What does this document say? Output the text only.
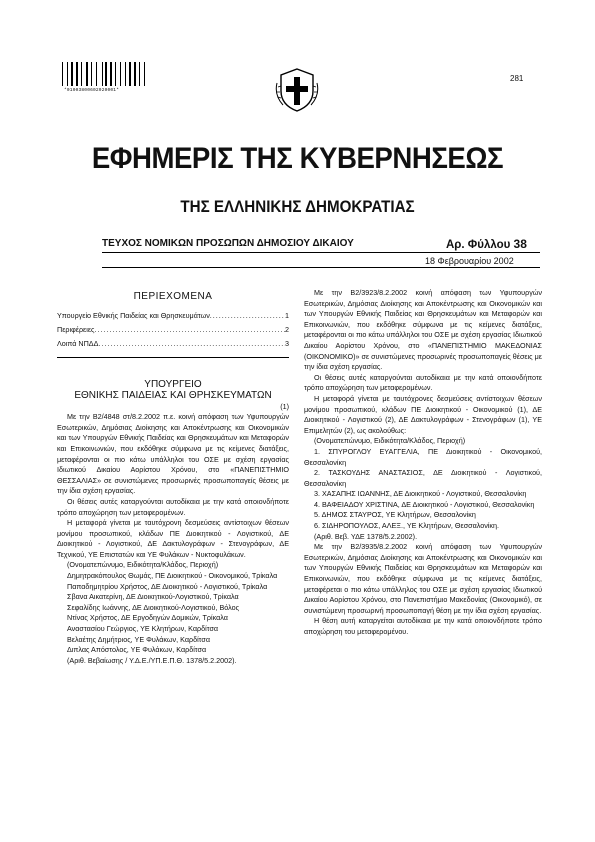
*01003800602020001*
281
ΕΦΗΜΕΡΙΣ ΤΗΣ ΚΥΒΕΡΝΗΣΕΩΣ
ΤΗΣ ΕΛΛΗΝΙΚΗΣ ΔΗΜΟΚΡΑΤΙΑΣ
ΤΕΥΧΟΣ ΝΟΜΙΚΩΝ ΠΡΟΣΩΠΩΝ ΔΗΜΟΣΙΟΥ ΔΙΚΑΙΟΥ	Αρ. Φύλλου 38
18 Φεβρουαρίου 2002
ΠΕΡΙΕΧΟΜΕΝΑ
Υπουργείο Εθνικής Παιδείας και Θρησκευμάτων .....	1
Περιφέρειες .....	2
Λοιπά ΝΠΔΔ .....	3

ΥΠΟΥΡΓΕΙΟ

ΕΘΝΙΚΗΣ ΠΑΙΔΕΙΑΣ ΚΑΙ ΘΡΗΣΚΕΥΜΑΤΩΝ

(1)

Με την Β2/4848 στ/8.2.2002 π.ε. κοινή απόφαση των Υφυπουργών Εσωτερικών, Δημόσιας Διοίκησης και Αποκέντρωσης και Οικονομικών και των Υπουργών Εθνικής Παιδείας και Θρησκευμάτων και Μεταφορών και Επικοινωνιών, που εκδόθηκε σύμφωνα με τις κείμενες διατάξεις, μεταφέρονται οι πιο κάτω υπάλληλοι του ΟΣΕ με σχέση εργασίας Ιδιωτικού Δικαίου Αορίστου Χρόνου, στο «ΠΑΝΕΠΙΣΤΗΜΙΟ ΘΕΣΣΑΛΙΑΣ» σε συνιστώμενες προσωρινές προσωποπαγείς θέσεις με την ίδια σχέση εργασίας.

Οι θέσεις αυτές καταργούνται αυτοδίκαια με την κατά οποιονδήποτε τρόπο αποχώρηση των μεταφερομένων.

Η μεταφορά γίνεται με ταυτόχρονη δεσμεύσεις αντίστοιχων θέσεων μονίμου προσωπικού, κλάδων ΠΕ Διοικητικού - Λογιστικού, ΔΕ Διοικητικού - Λογιστικού, ΔΕ Δακτυλογράφων - Στενογράφων, ΔΕ Τεχνικού, ΥΕ Επιστατών και ΥΕ Φυλάκων - Νυκτοφυλάκων.

(Ονοματεπώνυμο, Ειδικότητα/Κλάδος, Περιοχή)

Δημητρακόπουλος Θωμάς, ΠΕ Διοικητικού - Οικονομικού, Τρίκαλα

Παπαδημητρίου Χρήστος, ΔΕ Διοικητικού - Λογιστικού, Τρίκαλα

Σβανα Αικατερίνη, ΔΕ Διοικητικού-Λογιστικού, Τρίκαλα

Σεφαλίδης Ιωάννης, ΔΕ Διοικητικού-Λογιστικού, Βόλος

Ντίνας Χρήστος, ΔΕ Εργοδηγών Δομικών, Τρίκαλα

Αναστασίου Γεώργιος, ΥΕ Κλητήρων, Καρδίτσα

Βελαέτης Δημήτριος, ΥΕ Φυλάκων, Καρδίτσα

Διπλας Απόστολος, ΥΕ Φυλάκων, Καρδίτσα

(Αριθ. Βεβαίωσης / Υ.Δ.Ε./ΥΠ.Ε.Π.Θ. 1378/5.2.2002).

Με την Β2/3923/8.2.2002 κοινή απόφαση των Υφυπουργών Εσωτερικών, Δημόσιας Διοίκησης και Αποκέντρωσης και Οικονομικών και των Υπουργών Εθνικής Παιδείας και Θρησκευμάτων και Μεταφορών και Επικοινωνιών, που εκδόθηκε σύμφωνα με τις κείμενες διατάξεις, μεταφέρονται οι πιο κάτω υπάλληλοι του ΟΣΕ με σχέση εργασίας Ιδιωτικού Δικαίου Αορίστου Χρόνου, στο «ΠΑΝΕΠΙΣΤΗΜΙΟ ΜΑΚΕΔΟΝΙΑΣ (ΟΙΚΟΝΟΜΙΚΟ)» σε συνιστώμενες προσωρινές προσωποπαγείς θέσεις με την ίδια σχέση εργασίας.

Οι θέσεις αυτές καταργούνται αυτοδίκαια με την κατά οποιονδήποτε τρόπο αποχώρηση των μεταφερομένων.

Η μεταφορά γίνεται με ταυτόχρονες δεσμεύσεις αντίστοιχων θέσεων μονίμου προσωπικού, κλάδων ΠΕ Διοικητικού - Οικονομικού (1), ΔΕ Διοικητικού - Λογιστικού (2), ΔΕ Δακτυλογράφων - Στενογράφων (1), ΥΕ Επιμελητών (2), ως ακολούθως:

(Ονοματεπώνυμο, Ειδικότητα/Κλάδος, Περιοχή)

1. ΣΠΥΡΟΓΛΟΥ ΕΥΑΓΓΕΛΙΑ, ΠΕ Διοικητικού - Οικονομικού, Θεσσαλονίκη

2. ΤΑΣΚΟΥΔΗΣ ΑΝΑΣΤΑΣΙΟΣ, ΔΕ Διοικητικού - Λογιστικού, Θεσσαλονίκη

3. ΧΑΣΑΠΗΣ ΙΩΑΝΝΗΣ, ΔΕ Διοικητικού - Λογιστικού, Θεσσαλονίκη

4. ΒΑΦΕΙΑΔΟΥ ΧΡΙΣΤΙΝΑ, ΔΕ Διοικητικού - Λογιστικού, Θεσσαλονίκη

5. ΔΗΜΟΣ ΣΤΑΥΡΟΣ, ΥΕ Κλητήρων, Θεσσαλονίκη

6. ΣΙΔΗΡΟΠΟΥΛΟΣ, ΑΛΕΞ., ΥΕ Κλητήρων, Θεσσαλονίκη.

(Αριθ. Βεβ. ΥΔΕ 1378/5.2.2002).

Με την Β2/3935/8.2.2002 κοινή απόφαση των Υφυπουργών Εσωτερικών, Δημόσιας Διοίκησης και Αποκέντρωσης και Οικονομικών και των Υπουργών Εθνικής Παιδείας και Θρησκευμάτων και Μεταφορών και Επικοινωνιών, που εκδόθηκε σύμφωνα με τις κείμενες διατάξεις, μεταφέρεται ο πιο κάτω υπάλληλος του ΟΣΕ με σχέση εργασίας Ιδιωτικού Δικαίου Αορίστου Χρόνου, στο Πανεπιστήμιο Μακεδονίας (Οικονομικό), σε συνιστώμενη προσωρινή προσωποπαγή θέση με την ίδια σχέση εργασίας.

Η θέση αυτή καταργείται αυτοδίκαια με την κατά οποιονδήποτε τρόπο αποχώρηση του μεταφερομένου.
